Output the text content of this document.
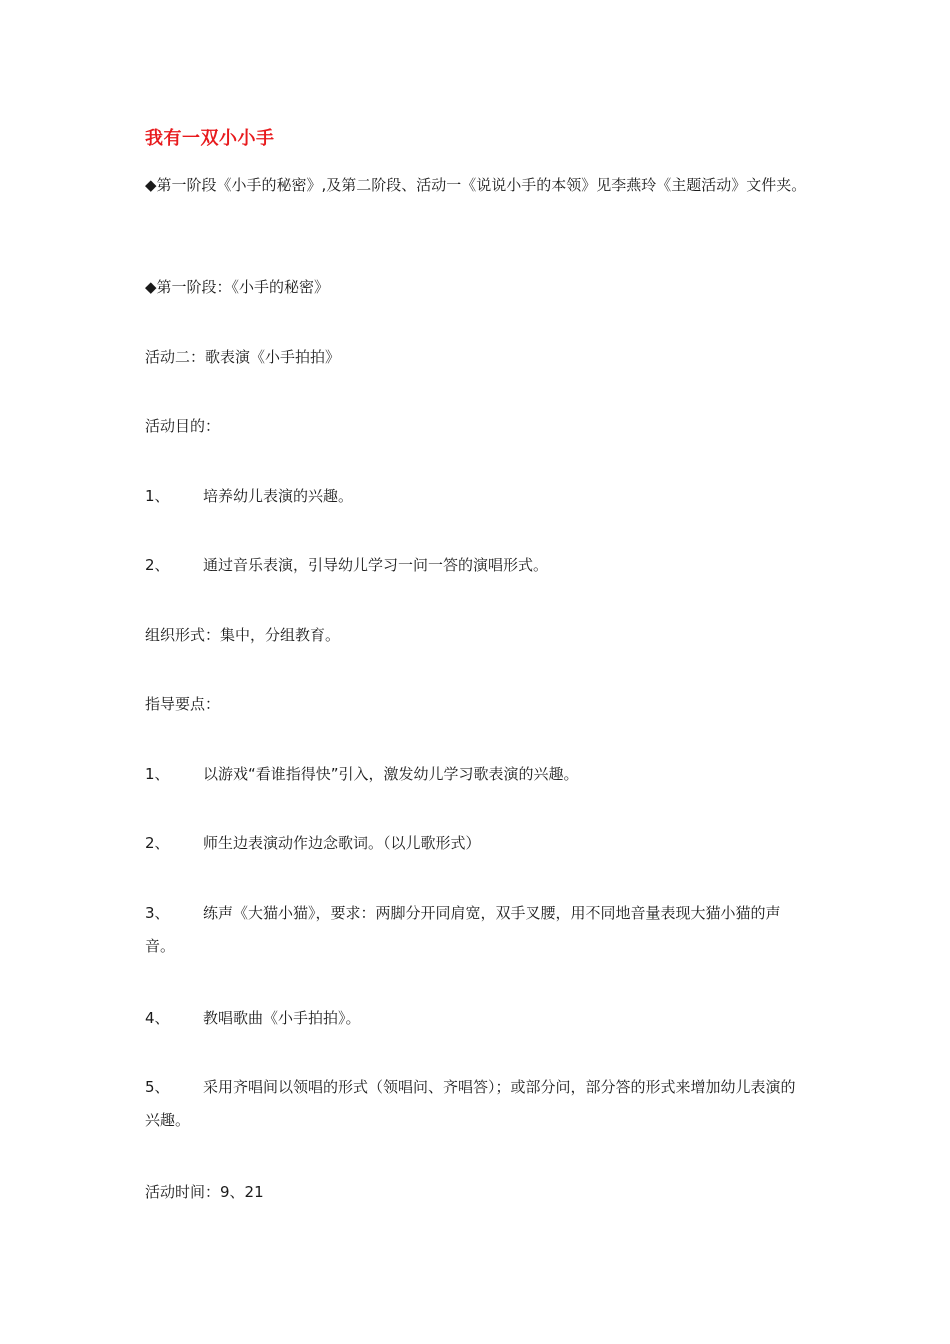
我有一双小小手
◆第一阶段《小手的秘密》,及第二阶段、活动一《说说小手的本领》见李燕玲《主题活动》文件夹。
◆第一阶段：《小手的秘密》
活动二：歌表演《小手拍拍》
活动目的：
1、 培养幼儿表演的兴趣。
2、 通过音乐表演，引导幼儿学习一问一答的演唱形式。
组织形式：集中，分组教育。
指导要点：
1、 以游戏“看谁指得快”引入，激发幼儿学习歌表演的兴趣。
2、 师生边表演动作边念歌词。（以儿歌形式）
3、 练声《大猫小猫》，要求：两脚分开同肩宽，双手叉腰，用不同地音量表现大猫小猫的声音。
4、 教唱歌曲《小手拍拍》。
5、 采用齐唱间以领唱的形式（领唱问、齐唱答）；或部分问，部分答的形式来增加幼儿表演的兴趣。
活动时间：9、21
